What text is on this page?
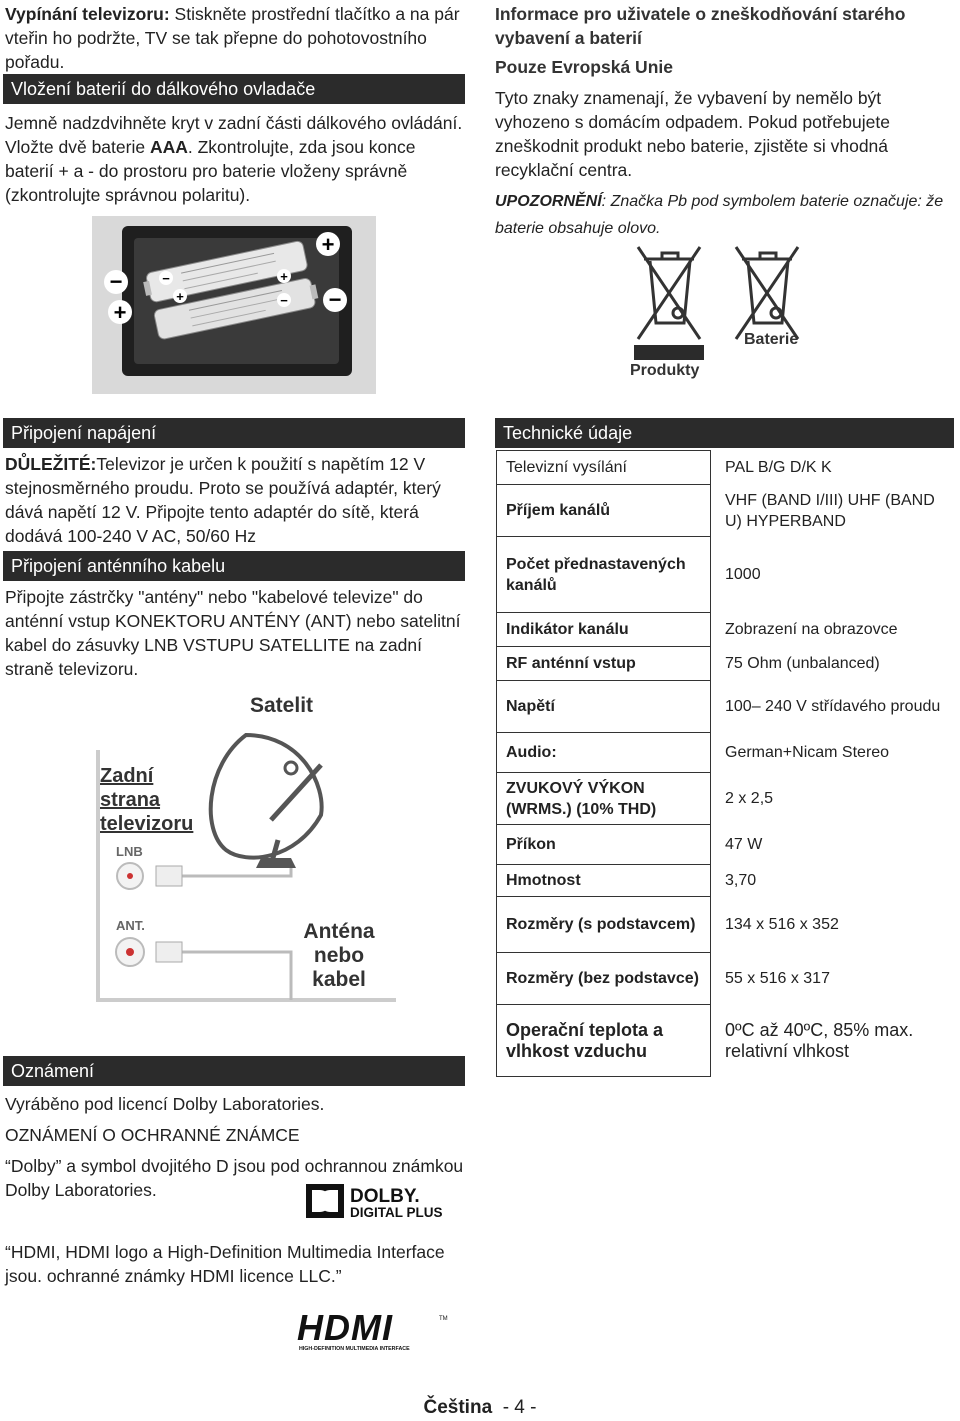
Vypínání televizoru: Stiskněte prostřední tlačítko a na pár vteřin ho podržte, TV se tak přepne do pohotovostního pořadu.

Vložení baterií do dálkového ovladače

Jemně nadzdvihněte kryt v zadní části dálkového ovládání. Vložte dvě baterie AAA. Zkontrolujte, zda jsou konce baterií + a - do prostoru pro baterie vloženy správně (zkontrolujte správnou polaritu).

−
+
+
−
−
+
+
−
Připojení napájení

DŮLEŽITÉ:Televizor je určen k použití s napětím 12 V stejnosměrného proudu. Proto se používá adaptér, který dává napětí 12 V. Připojte tento adaptér do sítě, která dodává 100-240 V AC, 50/60 Hz

Připojení anténního kabelu

Připojte zástrčky "antény" nebo "kabelové televize" do anténní vstup KONEKTORU ANTÉNY (ANT) nebo satelitní kabel do zásuvky LNB VSTUPU SATELLITE na zadní straně televizoru.

Satelit
Zadní
strana
televizoru
LNB
ANT.	Anténa
nebo
kabel
Oznámení

Vyráběno pod licencí Dolby Laboratories.

OZNÁMENÍ O OCHRANNÉ ZNÁMCE

“Dolby” a symbol dvojitého D jsou pod ochrannou známkou Dolby Laboratories.	DOLBY.
DIGITAL PLUS

“HDMI, HDMI logo a High-Definition Multimedia Interface jsou. ochranné známky HDMI licence LLC.”

HDMI	TM
HIGH-DEFINITION MULTIMEDIA INTERFACE

Informace pro uživatele o zneškodňování starého vybavení a baterií

Pouze Evropská Unie

Tyto znaky znamenají, že vybavení by nemělo být vyhozeno s domácím odpadem. Pokud potřebujete zneškodnit produkt nebo baterie, zjistěte si vhodná recyklační centra.

UPOZORNĚNÍ: Značka Pb pod symbolem baterie označuje: že baterie obsahuje olovo.

Produkty
Baterie
Technické údaje
Televizní vysílání	PAL B/G D/K K
Příjem kanálů	VHF (BAND I/III) UHF (BAND U) HYPERBAND
Počet přednastavených kanálů	1000
Indikátor kanálu	Zobrazení na obrazovce
RF anténní vstup	75 Ohm (unbalanced)
Napětí	100– 240 V střídavého proudu
Audio:	German+Nicam Stereo
ZVUKOVÝ VÝKON (WRMS.) (10% THD)	2 x 2,5
Příkon	47 W
Hmotnost	3,70
Rozměry (s podstavcem)	134 x 516 x 352
Rozměry (bez podstavce)	55 x 516 x 317
Operační teplota a vlhkost vzduchu	0ºC až 40ºC, 85% max. relativní vlhkost
Čeština - 4 -
